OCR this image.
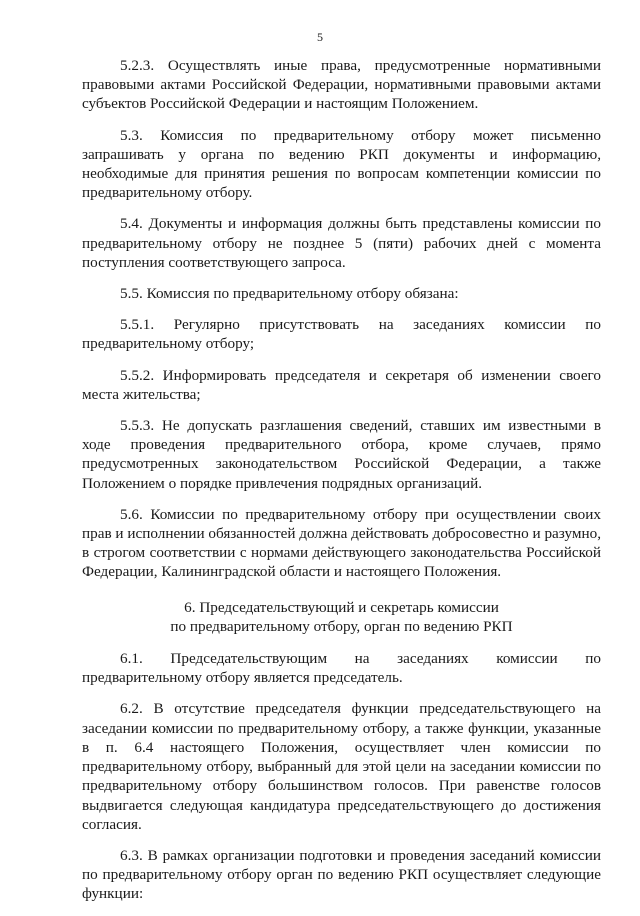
5

5.2.3. Осуществлять иные права, предусмотренные нормативными правовыми актами Российской Федерации, нормативными правовыми актами субъектов Российской Федерации и настоящим Положением.

5.3. Комиссия по предварительному отбору может письменно запрашивать у органа по ведению РКП документы и информацию, необходимые для принятия решения по вопросам компетенции комиссии по предварительному отбору.

5.4. Документы и информация должны быть представлены комиссии по предварительному отбору не позднее 5 (пяти) рабочих дней с момента поступления соответствующего запроса.

5.5. Комиссия по предварительному отбору обязана:

5.5.1. Регулярно присутствовать на заседаниях комиссии по предварительному отбору;

5.5.2. Информировать председателя и секретаря об изменении своего места жительства;

5.5.3. Не допускать разглашения сведений, ставших им известными в ходе проведения предварительного отбора, кроме случаев, прямо предусмотренных законодательством Российской Федерации, а также Положением о порядке привлечения подрядных организаций.

5.6. Комиссии по предварительному отбору при осуществлении своих прав и исполнении обязанностей должна действовать добросовестно и разумно, в строгом соответствии с нормами действующего законодательства Российской Федерации, Калининградской области и настоящего Положения.

6. Председательствующий и секретарь комиссии
по предварительному отбору, орган по ведению РКП

6.1. Председательствующим на заседаниях комиссии по предварительному отбору является председатель.

6.2. В отсутствие председателя функции председательствующего на заседании комиссии по предварительному отбору, а также функции, указанные в п. 6.4 настоящего Положения, осуществляет член комиссии по предварительному отбору, выбранный для этой цели на заседании комиссии по предварительному отбору большинством голосов. При равенстве голосов выдвигается следующая кандидатура председательствующего до достижения согласия.

6.3. В рамках организации подготовки и проведения заседаний комиссии по предварительному отбору орган по ведению РКП осуществляет следующие функции:
